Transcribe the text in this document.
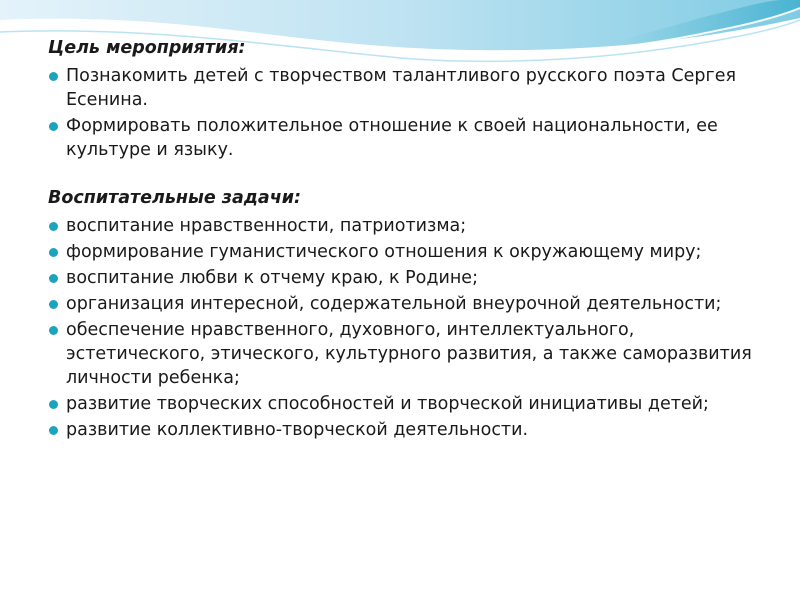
Цель мероприятия:
Познакомить детей с творчеством талантливого русского поэта Сергея Есенина.
Формировать положительное отношение к своей национальности, ее культуре и языку.
Воспитательные задачи:
воспитание нравственности, патриотизма;
формирование гуманистического отношения к окружающему миру;
воспитание любви к отчему краю, к Родине;
организация интересной, содержательной внеурочной деятельности;
обеспечение нравственного, духовного, интеллектуального, эстетического, этического, культурного развития, а также саморазвития личности ребенка;
развитие творческих способностей и творческой инициативы детей;
развитие коллективно-творческой деятельности.
